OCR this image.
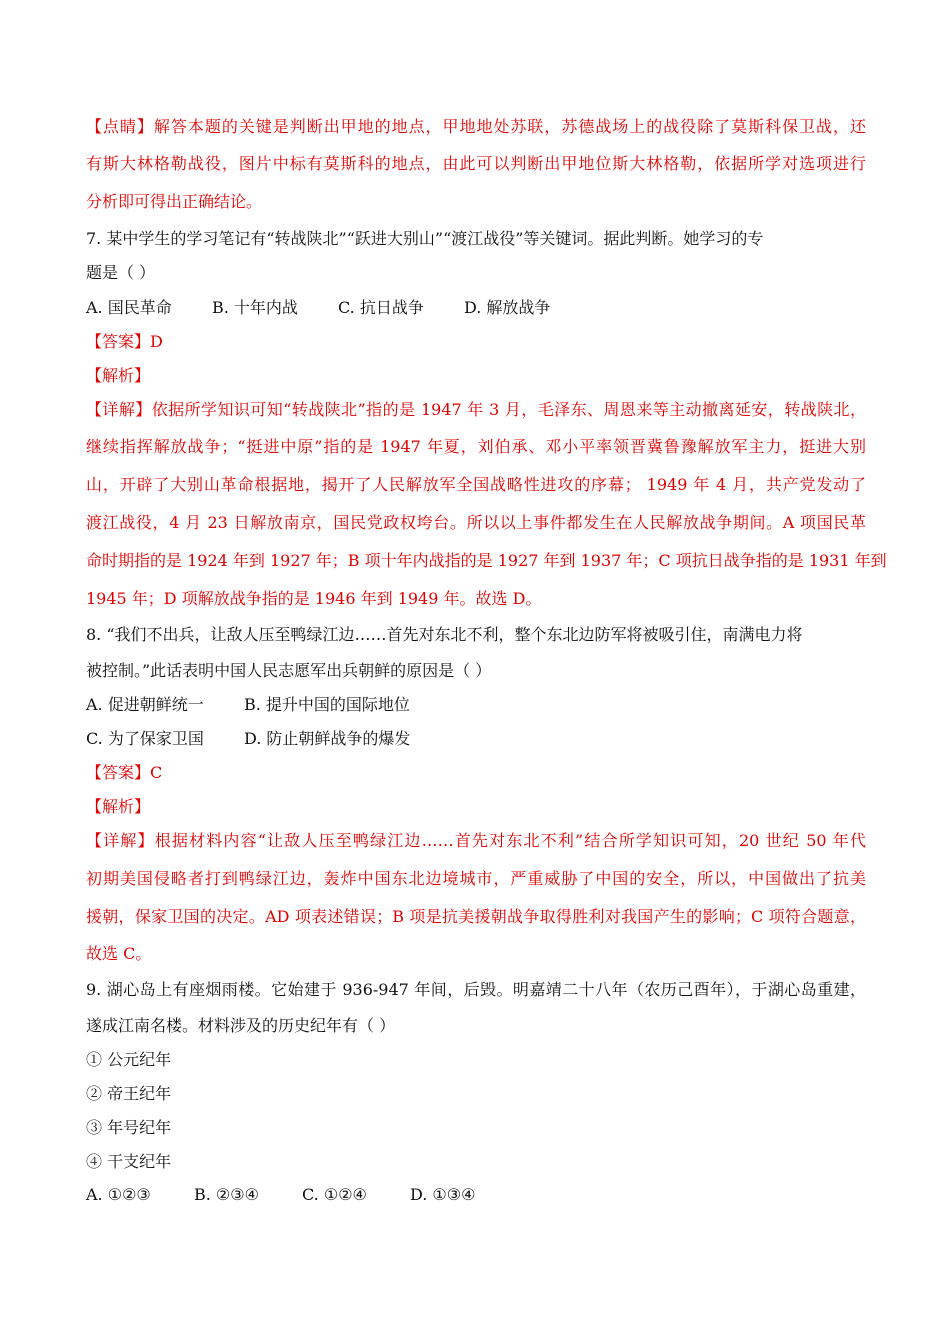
【点睛】解答本题的关键是判断出甲地的地点，甲地地处苏联，苏德战场上的战役除了莫斯科保卫战，还
有斯大林格勒战役，图片中标有莫斯科的地点，由此可以判断出甲地位斯大林格勒，依据所学对选项进行
分析即可得出正确结论。
7. 某中学生的学习笔记有“转战陕北”“跃进大别山”“渡江战役”等关键词。据此判断。她学习的专
题是（ ）
A. 国民革命	B. 十年内战	C. 抗日战争	D. 解放战争
【答案】D
【解析】
【详解】依据所学知识可知“转战陕北”指的是 1947 年 3 月，毛泽东、周恩来等主动撤离延安，转战陕北，
继续指挥解放战争；“挺进中原”指的是 1947 年夏，刘伯承、邓小平率领晋冀鲁豫解放军主力，挺进大别
山，开辟了大别山革命根据地，揭开了人民解放军全国战略性进攻的序幕； 1949 年 4 月，共产党发动了
渡江战役，4 月 23 日解放南京，国民党政权垮台。所以以上事件都发生在人民解放战争期间。A 项国民革
命时期指的是 1924 年到 1927 年；B 项十年内战指的是 1927 年到 1937 年；C 项抗日战争指的是 1931 年到
1945 年；D 项解放战争指的是 1946 年到 1949 年。故选 D。
8. “我们不出兵，让敌人压至鸭绿江边……首先对东北不利，整个东北边防军将被吸引住，南满电力将
被控制。”此话表明中国人民志愿军出兵朝鲜的原因是（ ）
A. 促进朝鲜统一	B. 提升中国的国际地位
C. 为了保家卫国	D. 防止朝鲜战争的爆发
【答案】C
【解析】
【详解】根据材料内容“让敌人压至鸭绿江边……首先对东北不利”结合所学知识可知，20 世纪 50 年代
初期美国侵略者打到鸭绿江边，轰炸中国东北边境城市，严重威胁了中国的安全，所以，中国做出了抗美
援朝，保家卫国的决定。AD 项表述错误；B 项是抗美援朝战争取得胜利对我国产生的影响；C 项符合题意，
故选 C。
9. 湖心岛上有座烟雨楼。它始建于 936-947 年间，后毁。明嘉靖二十八年（农历己酉年），于湖心岛重建，
遂成江南名楼。材料涉及的历史纪年有（ ）
① 公元纪年
② 帝王纪年
③ 年号纪年
④ 干支纪年
A. ①②③	B. ②③④	C. ①②④	D. ①③④
